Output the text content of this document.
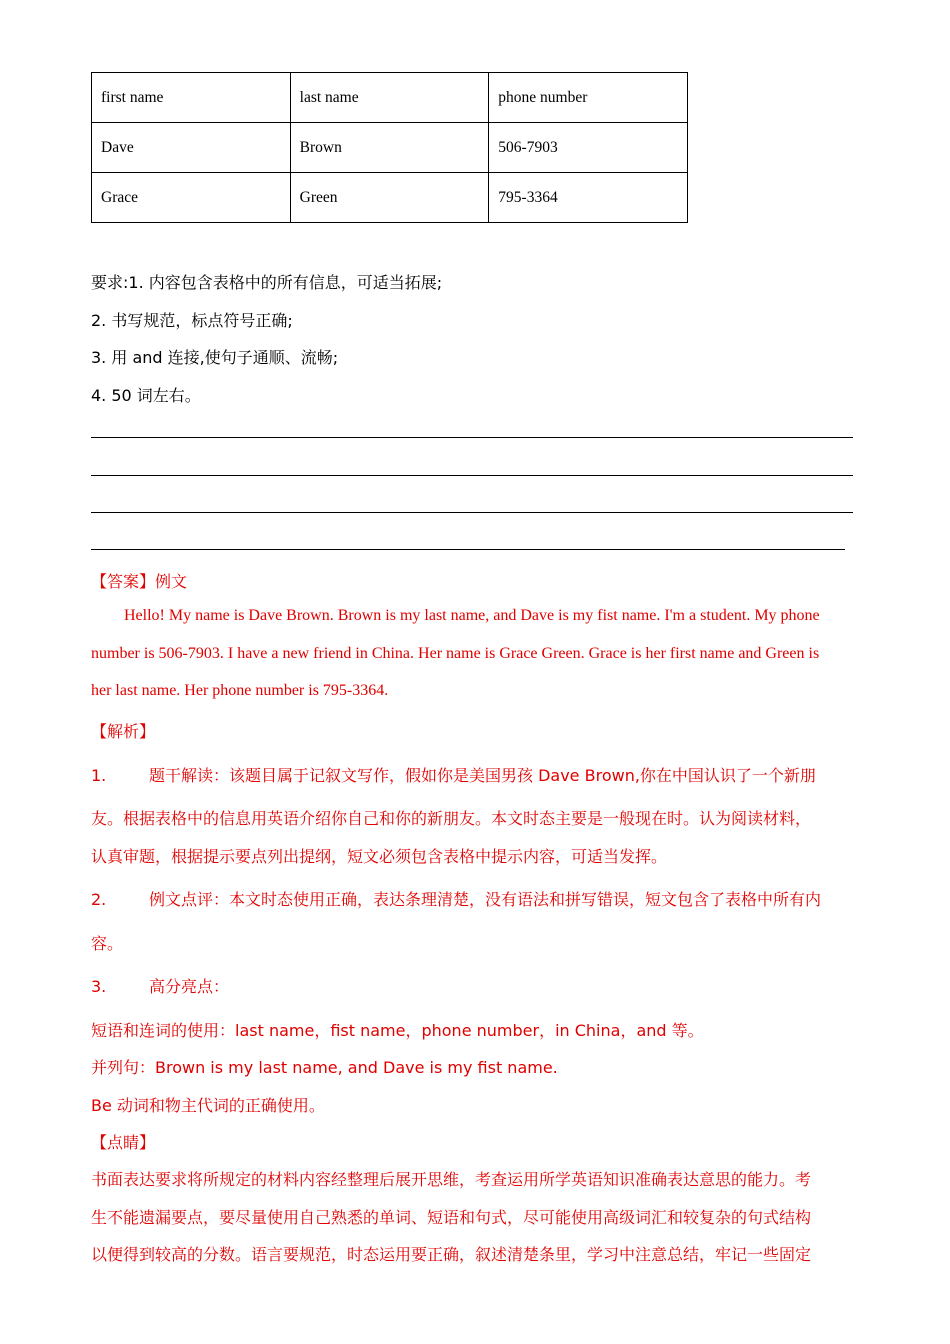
first name	last name	phone number
Dave	Brown	506-7903
Grace	Green	795-3364
要求:1. 内容包含表格中的所有信息，可适当拓展;
2. 书写规范，标点符号正确;
3. 用 and 连接,使句子通顺、流畅;
4. 50 词左右。
【答案】例文
Hello! My name is Dave Brown. Brown is my last name, and Dave is my fist name. I'm a student. My phone
number is 506-7903. I have a new friend in China. Her name is Grace Green. Grace is her first name and Green is
her last name. Her phone number is 795-3364.
【解析】
1.	题干解读：该题目属于记叙文写作，假如你是美国男孩 Dave Brown,你在中国认识了一个新朋
友。根据表格中的信息用英语介绍你自己和你的新朋友。本文时态主要是一般现在时。认为阅读材料，
认真审题，根据提示要点列出提纲，短文必须包含表格中提示内容，可适当发挥。
2.	例文点评：本文时态使用正确，表达条理清楚，没有语法和拼写错误，短文包含了表格中所有内
容。
3.	高分亮点：
短语和连词的使用：last name，fist name，phone number，in China，and 等。
并列句：Brown is my last name, and Dave is my fist name.
Be 动词和物主代词的正确使用。
【点睛】
书面表达要求将所规定的材料内容经整理后展开思维，考查运用所学英语知识准确表达意思的能力。考
生不能遗漏要点，要尽量使用自己熟悉的单词、短语和句式，尽可能使用高级词汇和较复杂的句式结构
以便得到较高的分数。语言要规范，时态运用要正确，叙述清楚条里，学习中注意总结，牢记一些固定
